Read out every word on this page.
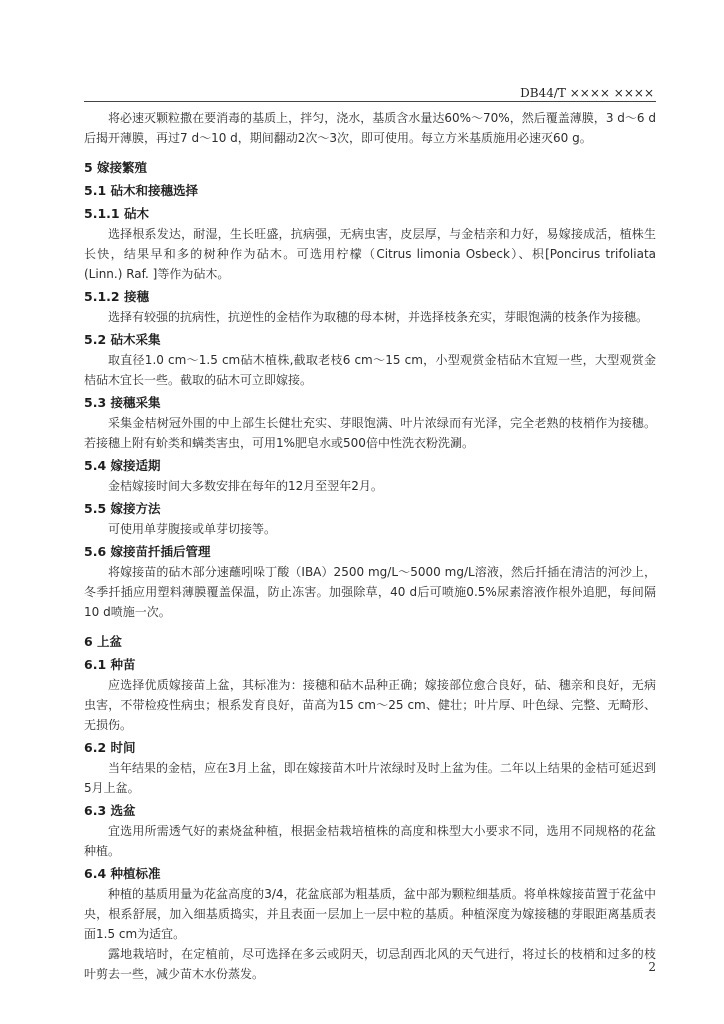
DB44/T ×××× ××××

将必速灭颗粒撒在要消毒的基质上，拌匀，浇水，基质含水量达60%～70%，然后覆盖薄膜，3 d～6 d后揭开薄膜，再过7 d～10 d，期间翻动2次～3次，即可使用。每立方米基质施用必速灭60 g。

5 嫁接繁殖
5.1 砧木和接穗选择
5.1.1 砧木

选择根系发达，耐湿，生长旺盛，抗病强，无病虫害，皮层厚，与金桔亲和力好，易嫁接成活，植株生长快，结果早和多的树种作为砧木。可选用柠檬（Citrus limonia Osbeck）、枳[Poncirus trifoliata (Linn.) Raf. ]等作为砧木。

5.1.2 接穗

选择有较强的抗病性，抗逆性的金桔作为取穗的母本树，并选择枝条充实，芽眼饱满的枝条作为接穗。

5.2 砧木采集

取直径1.0 cm～1.5 cm砧木植株,截取老枝6 cm～15 cm，小型观赏金桔砧木宜短一些，大型观赏金桔砧木宜长一些。截取的砧木可立即嫁接。

5.3 接穗采集

采集金桔树冠外围的中上部生长健壮充实、芽眼饱满、叶片浓绿而有光泽，完全老熟的枝梢作为接穗。若接穗上附有蚧类和螨类害虫，可用1%肥皂水或500倍中性洗衣粉洗涮。

5.4 嫁接适期

金桔嫁接时间大多数安排在每年的12月至翌年2月。

5.5 嫁接方法

可使用单芽腹接或单芽切接等。

5.6 嫁接苗扦插后管理

将嫁接苗的砧木部分速蘸吲哚丁酸（IBA）2500 mg/L～5000 mg/L溶液，然后扦插在清洁的河沙上，冬季扦插应用塑料薄膜覆盖保温，防止冻害。加强除草，40 d后可喷施0.5%尿素溶液作根外追肥，每间隔10 d喷施一次。

6 上盆
6.1 种苗

应选择优质嫁接苗上盆，其标准为：接穗和砧木品种正确；嫁接部位愈合良好，砧、穗亲和良好，无病虫害，不带检疫性病虫；根系发育良好，苗高为15 cm～25 cm、健壮；叶片厚、叶色绿、完整、无畸形、无损伤。

6.2 时间

当年结果的金桔，应在3月上盆，即在嫁接苗木叶片浓绿时及时上盆为佳。二年以上结果的金桔可延迟到5月上盆。

6.3 选盆

宜选用所需透气好的素烧盆种植，根据金桔栽培植株的高度和株型大小要求不同，选用不同规格的花盆种植。

6.4 种植标准

种植的基质用量为花盆高度的3/4，花盆底部为粗基质，盆中部为颗粒细基质。将单株嫁接苗置于花盆中央，根系舒展，加入细基质捣实，并且表面一层加上一层中粒的基质。种植深度为嫁接穗的芽眼距离基质表面1.5 cm为适宜。

露地栽培时，在定植前，尽可选择在多云或阴天，切忌刮西北风的天气进行，将过长的枝梢和过多的枝叶剪去一些，减少苗木水份蒸发。	2
